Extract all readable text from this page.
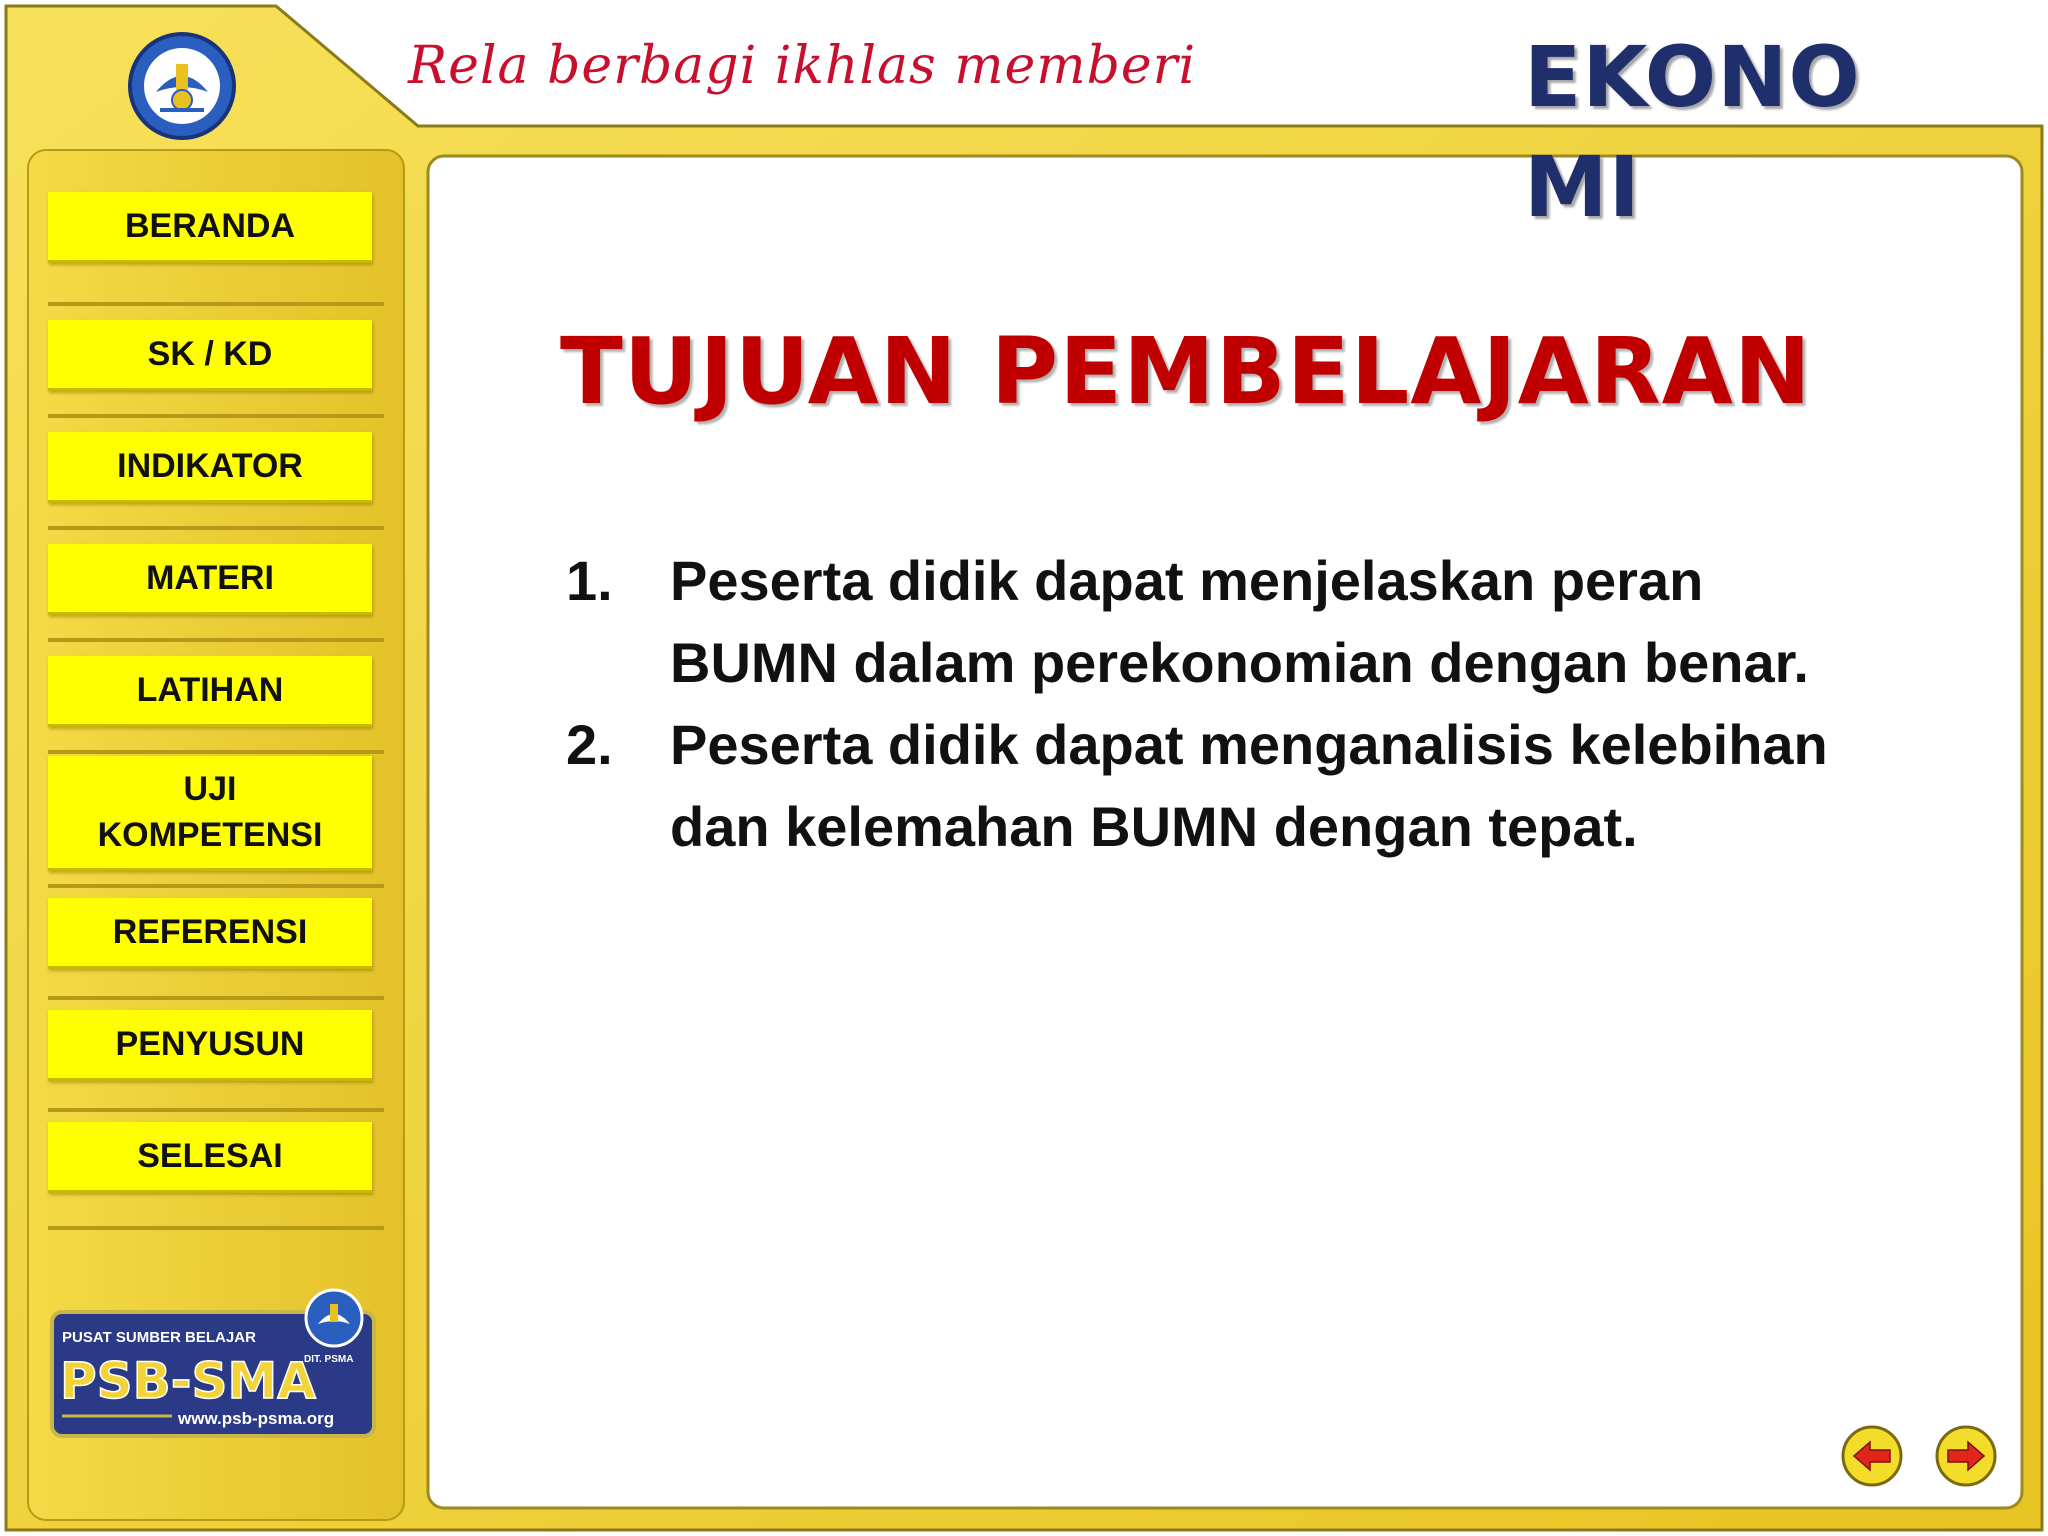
Rela berbagi ikhlas memberi	EKONOMI
BERANDA
SK / KD
INDIKATOR
MATERI
LATIHAN
UJI
KOMPETENSI
REFERENSI
PENYUSUN
SELESAI
PUSAT SUMBER BELAJAR
PSB-SMA
DIT. PSMA
www.psb-psma.org
TUJUAN PEMBELAJARAN
1.	Peserta didik dapat menjelaskan peran BUMN dalam perekonomian dengan benar.
2.	Peserta didik dapat menganalisis kelebihan dan kelemahan BUMN dengan tepat.
